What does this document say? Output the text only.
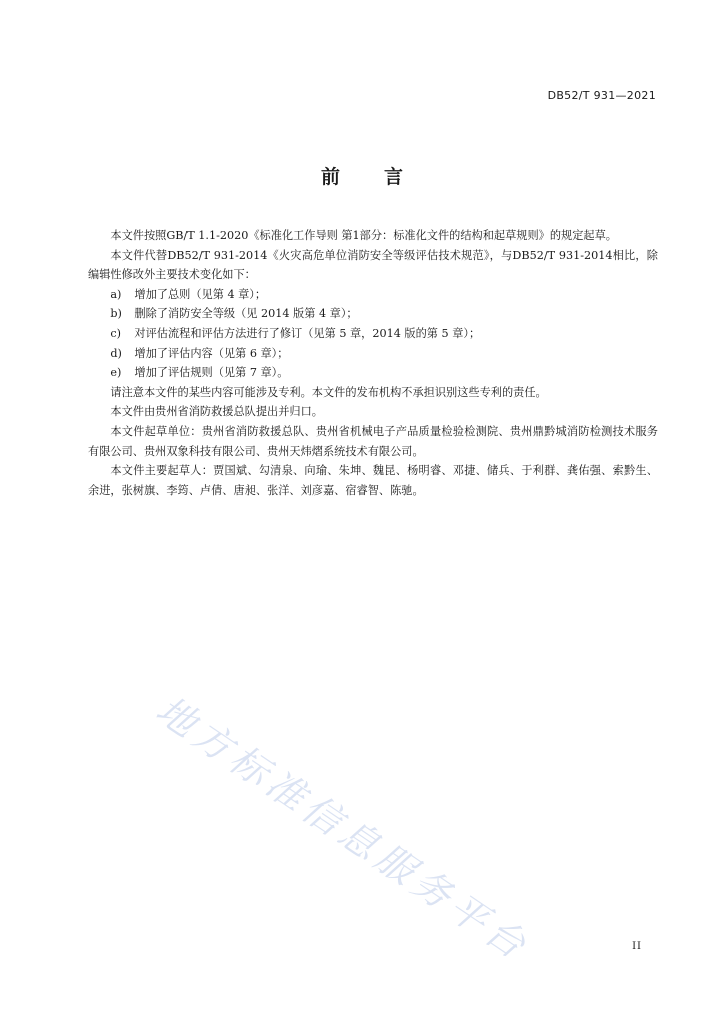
DB52/T 931—2021
前言

本文件按照GB/T 1.1-2020《标准化工作导则 第1部分：标准化文件的结构和起草规则》的规定起草。

本文件代替DB52/T 931-2014《火灾高危单位消防安全等级评估技术规范》，与DB52/T 931-2014相比，除编辑性修改外主要技术变化如下：

a) 增加了总则（见第 4 章）；

b) 删除了消防安全等级（见 2014 版第 4 章）；

c) 对评估流程和评估方法进行了修订（见第 5 章，2014 版的第 5 章）；

d) 增加了评估内容（见第 6 章）；

e) 增加了评估规则（见第 7 章）。

请注意本文件的某些内容可能涉及专利。本文件的发布机构不承担识别这些专利的责任。

本文件由贵州省消防救援总队提出并归口。

本文件起草单位：贵州省消防救援总队、贵州省机械电子产品质量检验检测院、贵州鼎黔城消防检测技术服务有限公司、贵州双象科技有限公司、贵州天炜熠系统技术有限公司。

本文件主要起草人：贾国斌、勾清泉、向瑜、朱坤、魏昆、杨明睿、邓捷、储兵、于利群、龚佑强、索黔生、余进，张树旗、李筠、卢倩、唐昶、张洋、刘彦嘉、宿睿智、陈驰。

地方标准信息服务平台	II
